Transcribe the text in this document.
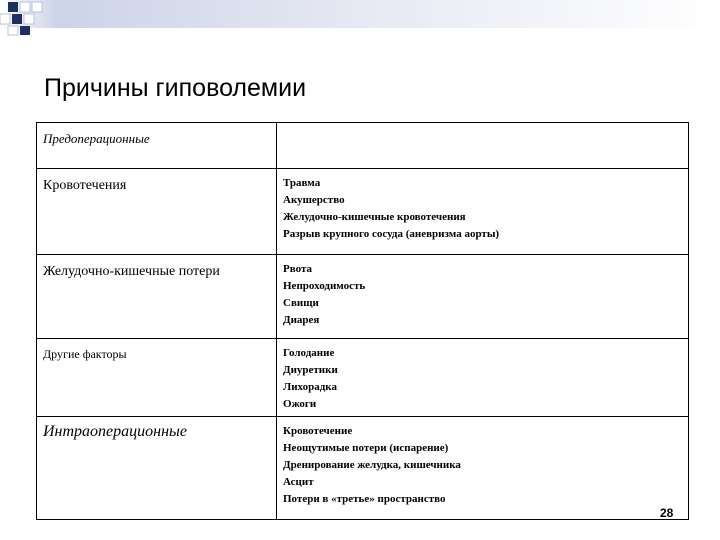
Причины гиповолемии
Предоперационные	

Кровотечения	Травма
Акушерство
Желудочно-кишечные кровотечения
Разрыв крупного сосуда (аневризма аорты)

Желудочно-кишечные потери	Рвота
Непроходимость
Свищи
Диарея

Другие факторы	Голодание
Диуретики
Лихорадка
Ожоги

Интраоперационные	Кровотечение
Неощутимые потери (испарение)
Дренирование желудка, кишечника
Асцит
Потери в «третье» пространство
28
